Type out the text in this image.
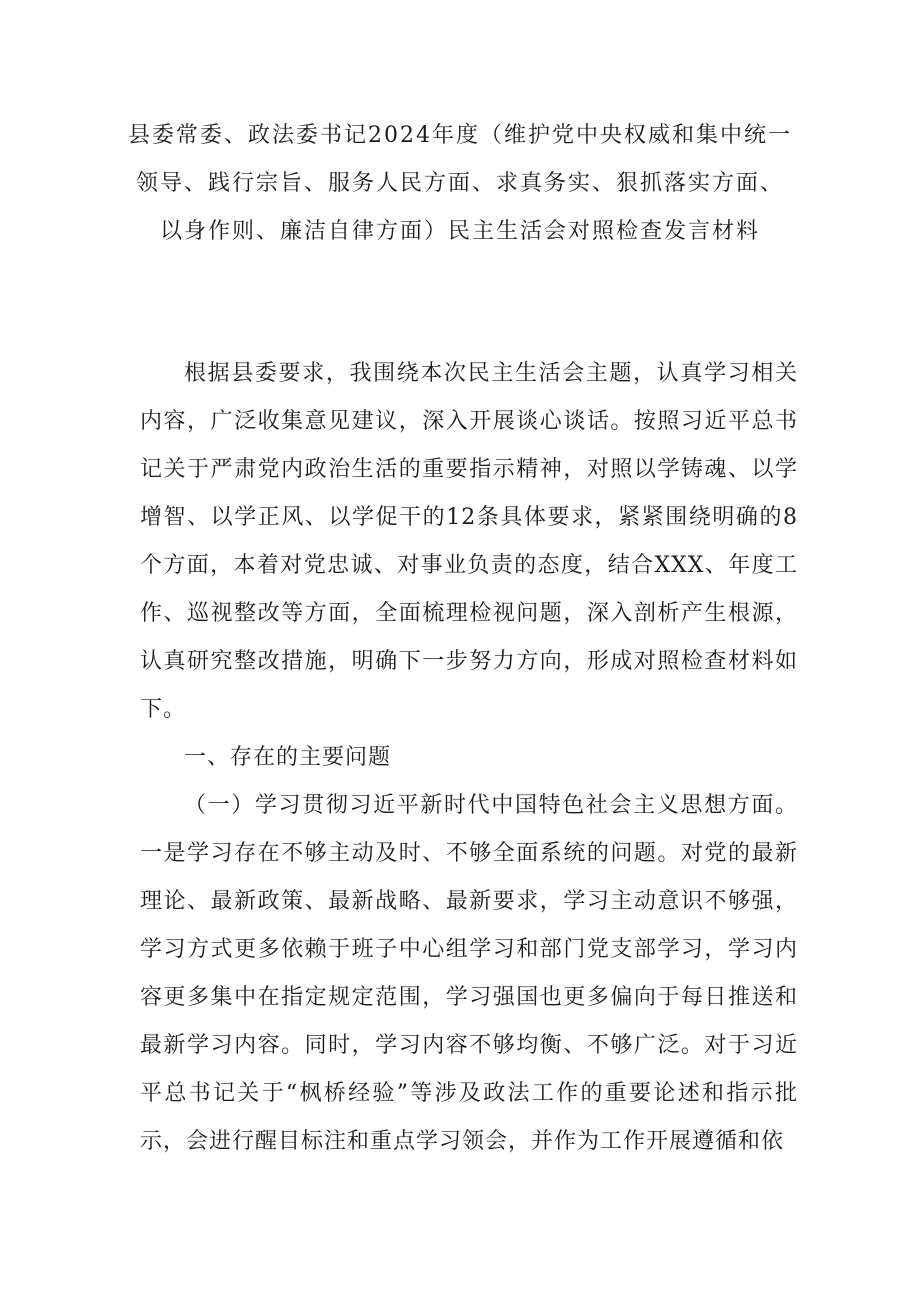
县委常委、政法委书记2024年度（维护党中央权威和集中统一领导、践行宗旨、服务人民方面、求真务实、狠抓落实方面、以身作则、廉洁自律方面）民主生活会对照检查发言材料

根据县委要求，我围绕本次民主生活会主题，认真学习相关内容，广泛收集意见建议，深入开展谈心谈话。按照习近平总书记关于严肃党内政治生活的重要指示精神，对照以学铸魂、以学增智、以学正风、以学促干的12条具体要求，紧紧围绕明确的8个方面，本着对党忠诚、对事业负责的态度，结合XXX、年度工作、巡视整改等方面，全面梳理检视问题，深入剖析产生根源，认真研究整改措施，明确下一步努力方向，形成对照检查材料如下。

一、存在的主要问题

（一）学习贯彻习近平新时代中国特色社会主义思想方面。一是学习存在不够主动及时、不够全面系统的问题。对党的最新理论、最新政策、最新战略、最新要求，学习主动意识不够强，学习方式更多依赖于班子中心组学习和部门党支部学习，学习内容更多集中在指定规定范围，学习强国也更多偏向于每日推送和最新学习内容。同时，学习内容不够均衡、不够广泛。对于习近平总书记关于“枫桥经验”等涉及政法工作的重要论述和指示批示，会进行醒目标注和重点学习领会，并作为工作开展遵循和依
